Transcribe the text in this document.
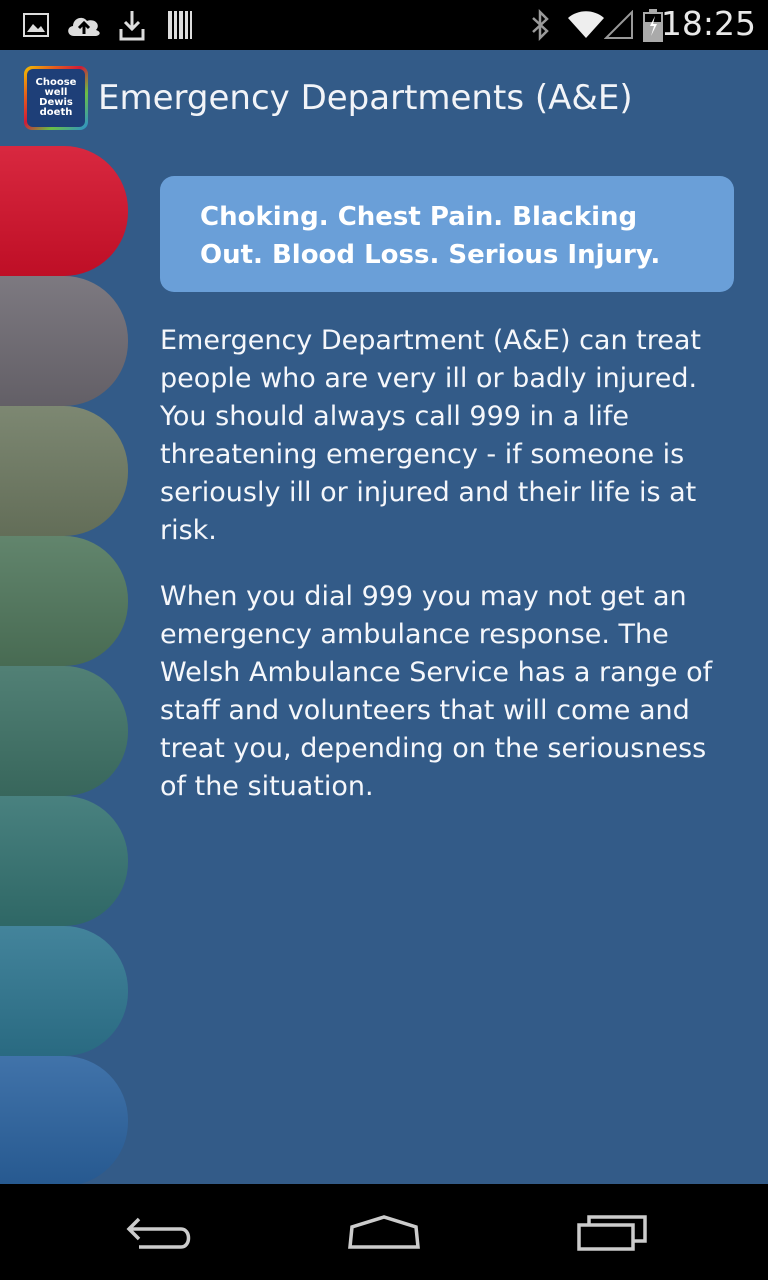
18:25
Choose
well
Dewis
doeth Emergency Departments (A&E)
Choking. Chest Pain. Blacking Out. Blood Loss. Serious Injury.

Emergency Department (A&E) can treat people who are very ill or badly injured. You should always call 999 in a life threatening emergency - if someone is seriously ill or injured and their life is at risk.

When you dial 999 you may not get an emergency ambulance response. The Welsh Ambulance Service has a range of staff and volunteers that will come and treat you, depending on the seriousness of the situation.
